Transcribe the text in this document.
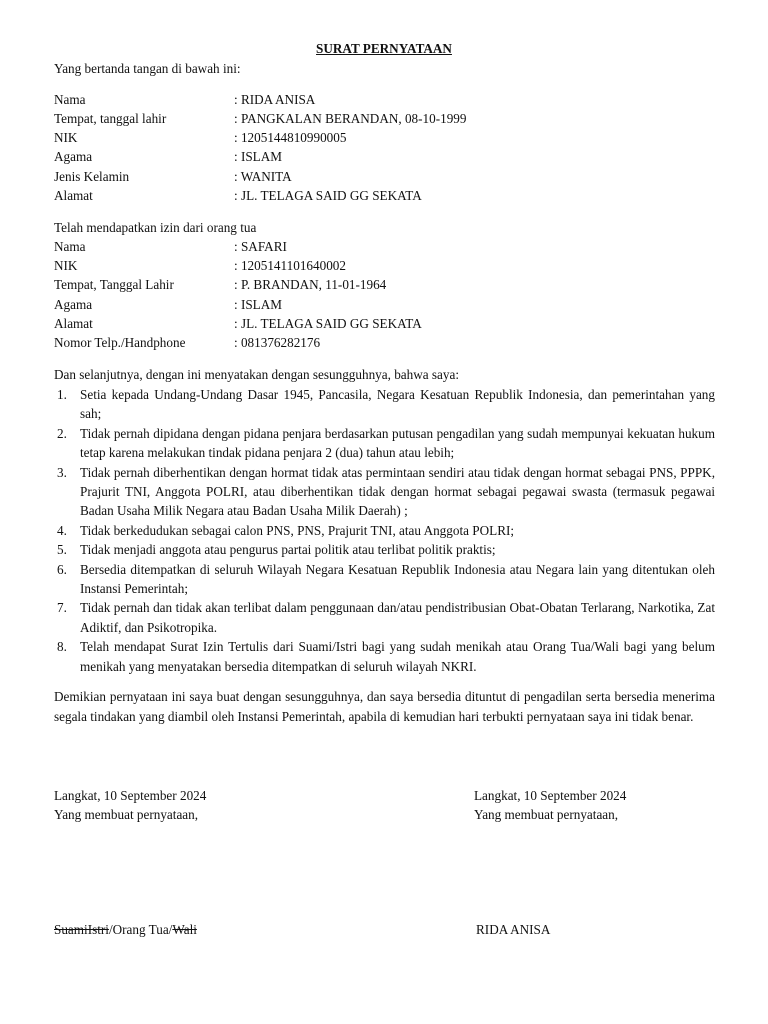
SURAT PERNYATAAN
Yang bertanda tangan di bawah ini:
Nama	: RIDA ANISA
Tempat, tanggal lahir	: PANGKALAN BERANDAN, 08-10-1999
NIK	: 1205144810990005
Agama	: ISLAM
Jenis Kelamin	: WANITA
Alamat	: JL. TELAGA SAID GG SEKATA
Telah mendapatkan izin dari orang tua
Nama	: SAFARI
NIK	: 1205141101640002
Tempat, Tanggal Lahir	: P. BRANDAN, 11-01-1964
Agama	: ISLAM
Alamat	: JL. TELAGA SAID GG SEKATA
Nomor Telp./Handphone	: 081376282176
Dan selanjutnya, dengan ini menyatakan dengan sesungguhnya, bahwa saya:
1. Setia kepada Undang-Undang Dasar 1945, Pancasila, Negara Kesatuan Republik Indonesia, dan pemerintahan yang sah;
2. Tidak pernah dipidana dengan pidana penjara berdasarkan putusan pengadilan yang sudah mempunyai kekuatan hukum tetap karena melakukan tindak pidana penjara 2 (dua) tahun atau lebih;
3. Tidak pernah diberhentikan dengan hormat tidak atas permintaan sendiri atau tidak dengan hormat sebagai PNS, PPPK, Prajurit TNI, Anggota POLRI, atau diberhentikan tidak dengan hormat sebagai pegawai swasta (termasuk pegawai Badan Usaha Milik Negara atau Badan Usaha Milik Daerah) ;
4. Tidak berkedudukan sebagai calon PNS, PNS, Prajurit TNI, atau Anggota POLRI;
5. Tidak menjadi anggota atau pengurus partai politik atau terlibat politik praktis;
6. Bersedia ditempatkan di seluruh Wilayah Negara Kesatuan Republik Indonesia atau Negara lain yang ditentukan oleh Instansi Pemerintah;
7. Tidak pernah dan tidak akan terlibat dalam penggunaan dan/atau pendistribusian Obat-Obatan Terlarang, Narkotika, Zat Adiktif, dan Psikotropika.
8. Telah mendapat Surat Izin Tertulis dari Suami/Istri bagi yang sudah menikah atau Orang Tua/Wali bagi yang belum menikah yang menyatakan bersedia ditempatkan di seluruh wilayah NKRI.
Demikian pernyataan ini saya buat dengan sesungguhnya, dan saya bersedia dituntut di pengadilan serta bersedia menerima segala tindakan yang diambil oleh Instansi Pemerintah, apabila di kemudian hari terbukti pernyataan saya ini tidak benar.
Langkat, 10 September 2024
Yang membuat pernyataan,
Langkat, 10 September 2024
Yang membuat pernyataan,
SuamiIstri/Orang Tua/Wali	RIDA ANISA
